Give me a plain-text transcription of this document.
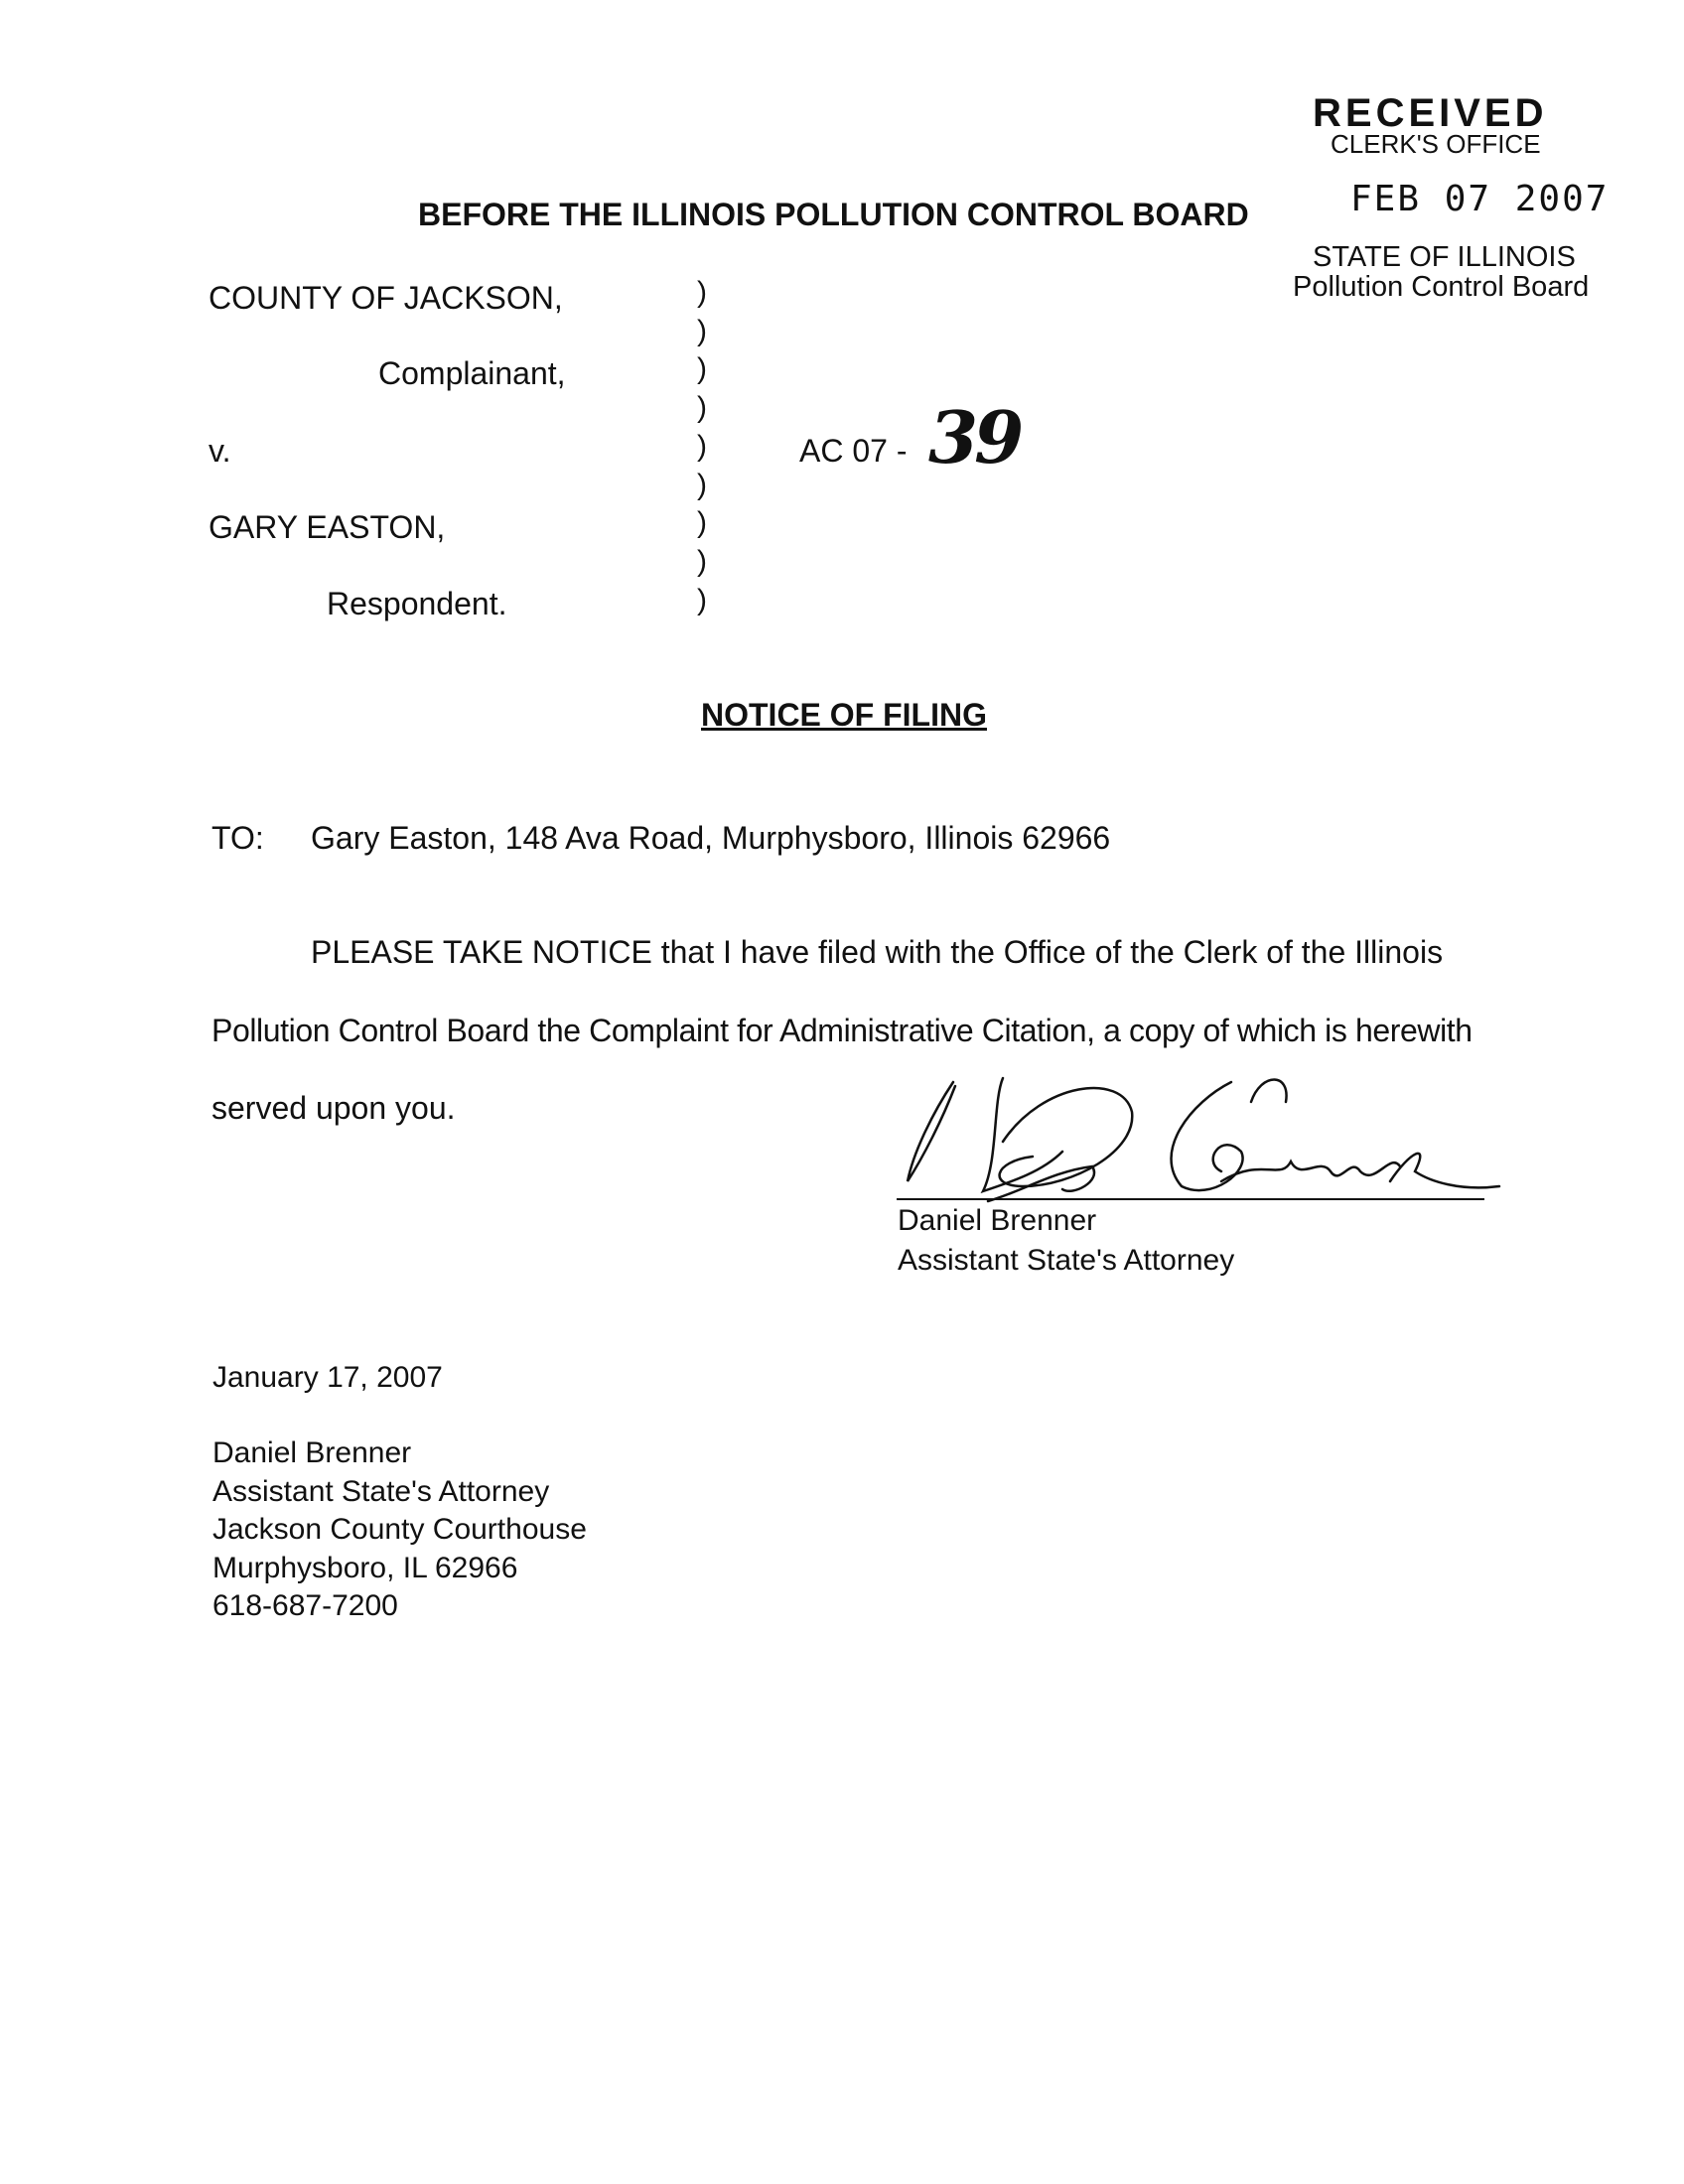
RECEIVED
CLERK'S OFFICE
FEB 07 2007
STATE OF ILLINOIS
Pollution Control Board
BEFORE THE ILLINOIS POLLUTION CONTROL BOARD
COUNTY OF JACKSON,
Complainant,
v.
GARY EASTON,
Respondent.
)
)
)
)
)
)
)
)
)
AC 07 - 39
NOTICE OF FILING
TO: Gary Easton, 148 Ava Road, Murphysboro, Illinois 62966
PLEASE TAKE NOTICE that I have filed with the Office of the Clerk of the Illinois
Pollution Control Board the Complaint for Administrative Citation, a copy of which is herewith
served upon you.
Daniel Brenner
Assistant State's Attorney
January 17, 2007
Daniel Brenner
Assistant State's Attorney
Jackson County Courthouse
Murphysboro, IL 62966
618-687-7200
